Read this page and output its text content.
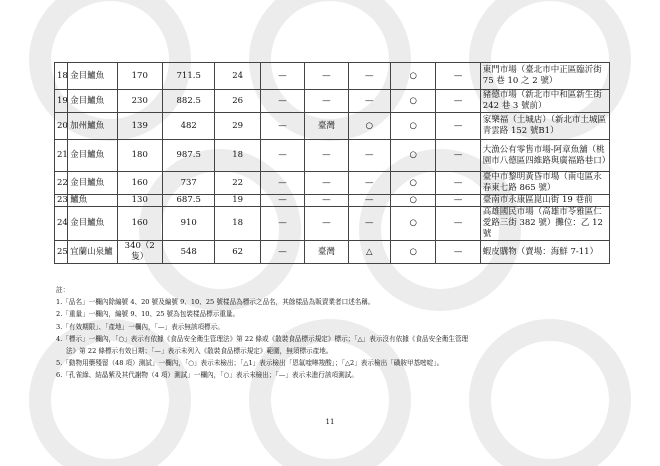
18	金目鱸魚	170	711.5	24	—	—	—	○	—	東門市場（臺北市中正區臨沂街 75 巷 10 之 2 號）
19	金目鱸魚	230	882.5	26	—	—	—	○	—	豬德市場（新北市中和區新生街 242 巷 3 號前）
20	加州鱸魚	139	482	29	—	臺灣	○	○	—	家樂福（土城店）（新北市土城區青雲路 152 號B1）
21	金目鱸魚	180	987.5	18	—	—	—	○	—	大漁公有零售市場-阿章魚舖（桃園市八德區四維路與廣福路巷口）
22	金目鱸魚	160	737	22	—	—	—	○	—	臺中市黎明黃昏市場（南屯區永春東七路 865 號）
23	鱸魚	130	687.5	19	—	—	—	○	—	臺南市永康區崑山街 19 巷前
24	金目鱸魚	160	910	18	—	—	—	○	—	高雄國民市場（高雄市苓雅區仁愛路三街 382 號）攤位：乙 12 號
25	宜蘭山泉鱸	340（2 隻）	548	62	—	臺灣	△	○	—	蝦皮購物（賣場：海鮮 7-11）
註：
1.「品名」一欄內除編號 4、20 號及編號 9、10、25 號樣品為標示之品名，其餘樣品為販賣業者口述名稱。
2.「重量」一欄內，編號 9、10、25 號為包裝樣品標示重量。
3.「有效期限」、「產地」一欄內，「—」表示無該項標示。
4.「標示」一欄內，「○」表示有依據《食品安全衛生管理法》第 22 條或《散裝食品標示規定》標示；「△」表示沒有依據《食品安全衛生管理
法》第 22 條標示有效日期；「—」表示未列入《散裝食品標示規定》範圍，無須標示產地。
5.「動物用藥殘留（48 項）測試」一欄內，「○」表示未檢出；「△1」表示檢出「恩氟喹啉羧酸」；「△2」表示檢出「磺胺甲基嘧啶」。
6.「孔雀綠、結晶紫及其代謝物（4 項）測試」一欄內，「○」表示未檢出；「—」表示未進行該項測試。
11
